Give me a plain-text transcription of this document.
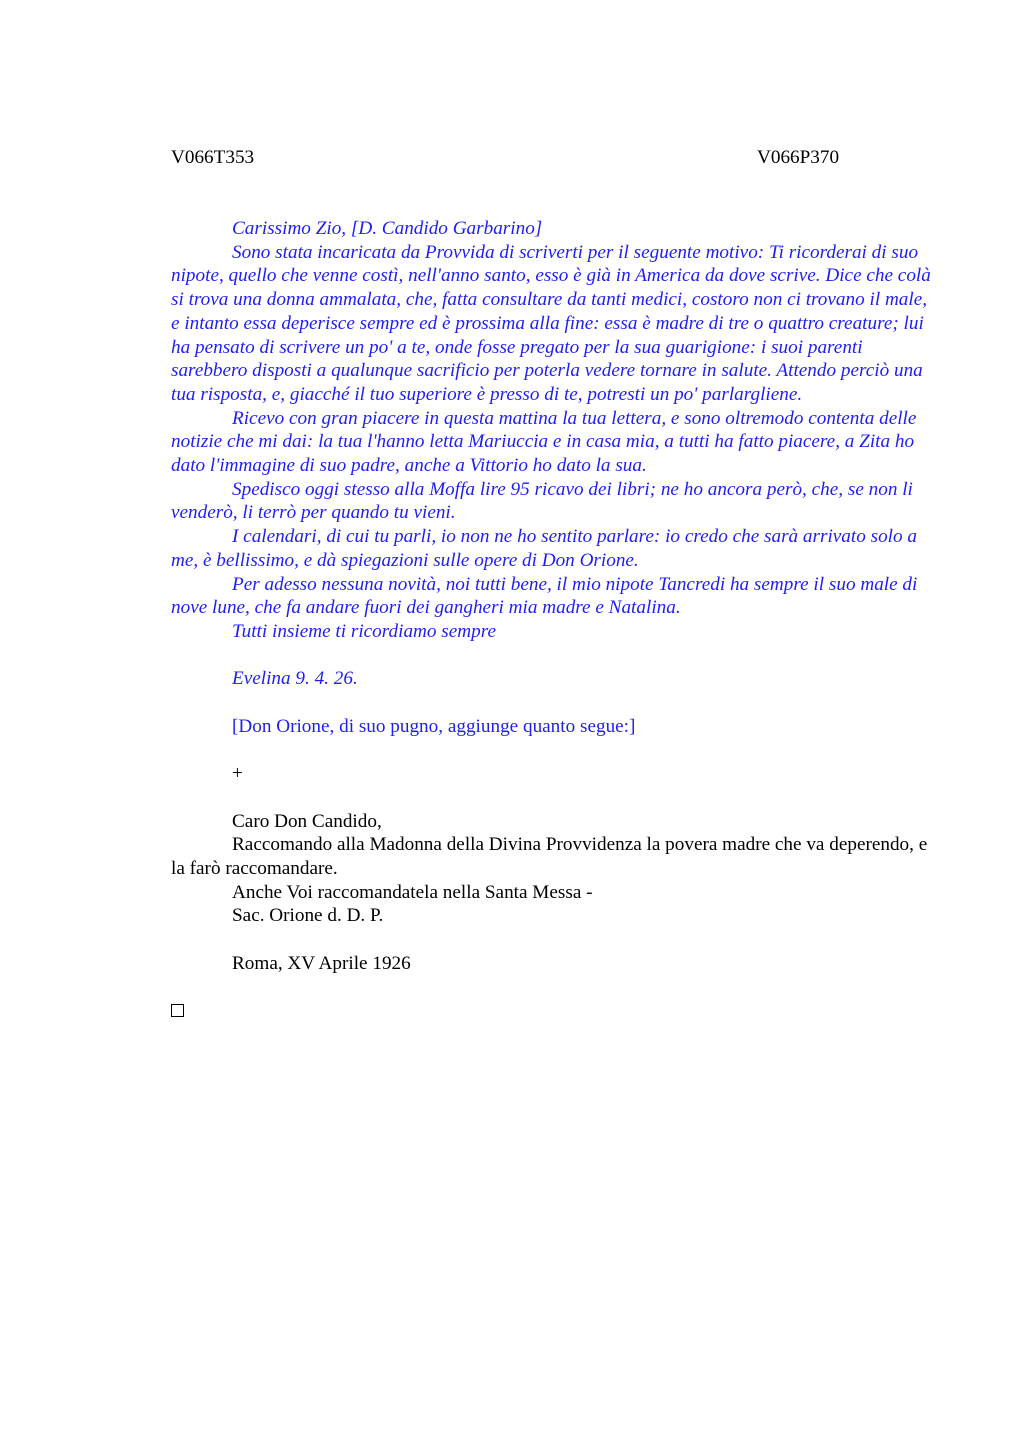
V066T353	V066P370

Carissimo Zio, [D. Candido Garbarino]

Sono stata incaricata da Provvida di scriverti per il seguente motivo: Ti ricorderai di suo nipote, quello che venne costì, nell'anno santo, esso è già in America da dove scrive. Dice che colà si trova una donna ammalata, che, fatta consultare da tanti medici, costoro non ci trovano il male, e intanto essa deperisce sempre ed è prossima alla fine: essa è madre di tre o quattro creature; lui ha pensato di scrivere un po' a te, onde fosse pregato per la sua guarigione: i suoi parenti sarebbero disposti a qualunque sacrificio per poterla vedere tornare in salute. Attendo perciò una tua risposta, e, giacché il tuo superiore è presso di te, potresti un po' parlargliene.

Ricevo con gran piacere in questa mattina la tua lettera, e sono oltremodo contenta delle notizie che mi dai: la tua l'hanno letta Mariuccia e in casa mia, a tutti ha fatto piacere, a Zita ho dato l'immagine di suo padre, anche a Vittorio ho dato la sua.

Spedisco oggi stesso alla Moffa lire 95 ricavo dei libri; ne ho ancora però, che, se non li venderò, li terrò per quando tu vieni.

I calendari, di cui tu parli, io non ne ho sentito parlare: io credo che sarà arrivato solo a me, è bellissimo, e dà spiegazioni sulle opere di Don Orione.

Per adesso nessuna novità, noi tutti bene, il mio nipote Tancredi ha sempre il suo male di nove lune, che fa andare fuori dei gangheri mia madre e Natalina.

Tutti insieme ti ricordiamo sempre

Evelina 9. 4. 26.

[Don Orione, di suo pugno, aggiunge quanto segue:]

+

Caro Don Candido,

Raccomando alla Madonna della Divina Provvidenza la povera madre che va deperendo, e la farò raccomandare.

Anche Voi raccomandatela nella Santa Messa -

Sac. Orione d. D. P.

Roma, XV Aprile 1926
